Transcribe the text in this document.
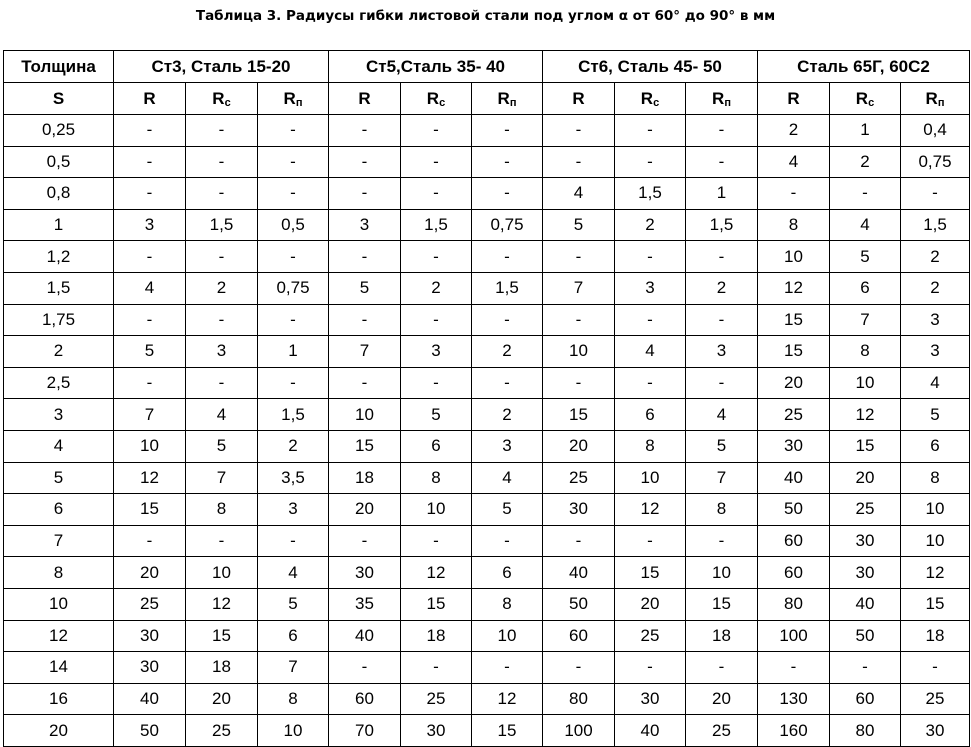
Таблица 3. Радиусы гибки листовой стали под углом α от 60° до 90° в мм
Толщина	Ст3, Сталь 15-20			Ст5,Сталь 35- 40			Ст6, Сталь 45- 50			Сталь 65Г, 60С2		
S	R	$R_с$	$R_п$	R	$R_с$	$R_п$	R	$R_с$	$R_п$	R	$R_с$	$R_п$
0,25	-	-	-	-	-	-	-	-	-	2	1	0,4
0,5	-	-	-	-	-	-	-	-	-	4	2	0,75
0,8	-	-	-	-	-	-	4	1,5	1	-	-	-
1	3	1,5	0,5	3	1,5	0,75	5	2	1,5	8	4	1,5
1,2	-	-	-	-	-	-	-	-	-	10	5	2
1,5	4	2	0,75	5	2	1,5	7	3	2	12	6	2
1,75	-	-	-	-	-	-	-	-	-	15	7	3
2	5	3	1	7	3	2	10	4	3	15	8	3
2,5	-	-	-	-	-	-	-	-	-	20	10	4
3	7	4	1,5	10	5	2	15	6	4	25	12	5
4	10	5	2	15	6	3	20	8	5	30	15	6
5	12	7	3,5	18	8	4	25	10	7	40	20	8
6	15	8	3	20	10	5	30	12	8	50	25	10
7	-	-	-	-	-	-	-	-	-	60	30	10
8	20	10	4	30	12	6	40	15	10	60	30	12
10	25	12	5	35	15	8	50	20	15	80	40	15
12	30	15	6	40	18	10	60	25	18	100	50	18
14	30	18	7	-	-	-	-	-	-	-	-	-
16	40	20	8	60	25	12	80	30	20	130	60	25
20	50	25	10	70	30	15	100	40	25	160	80	30
